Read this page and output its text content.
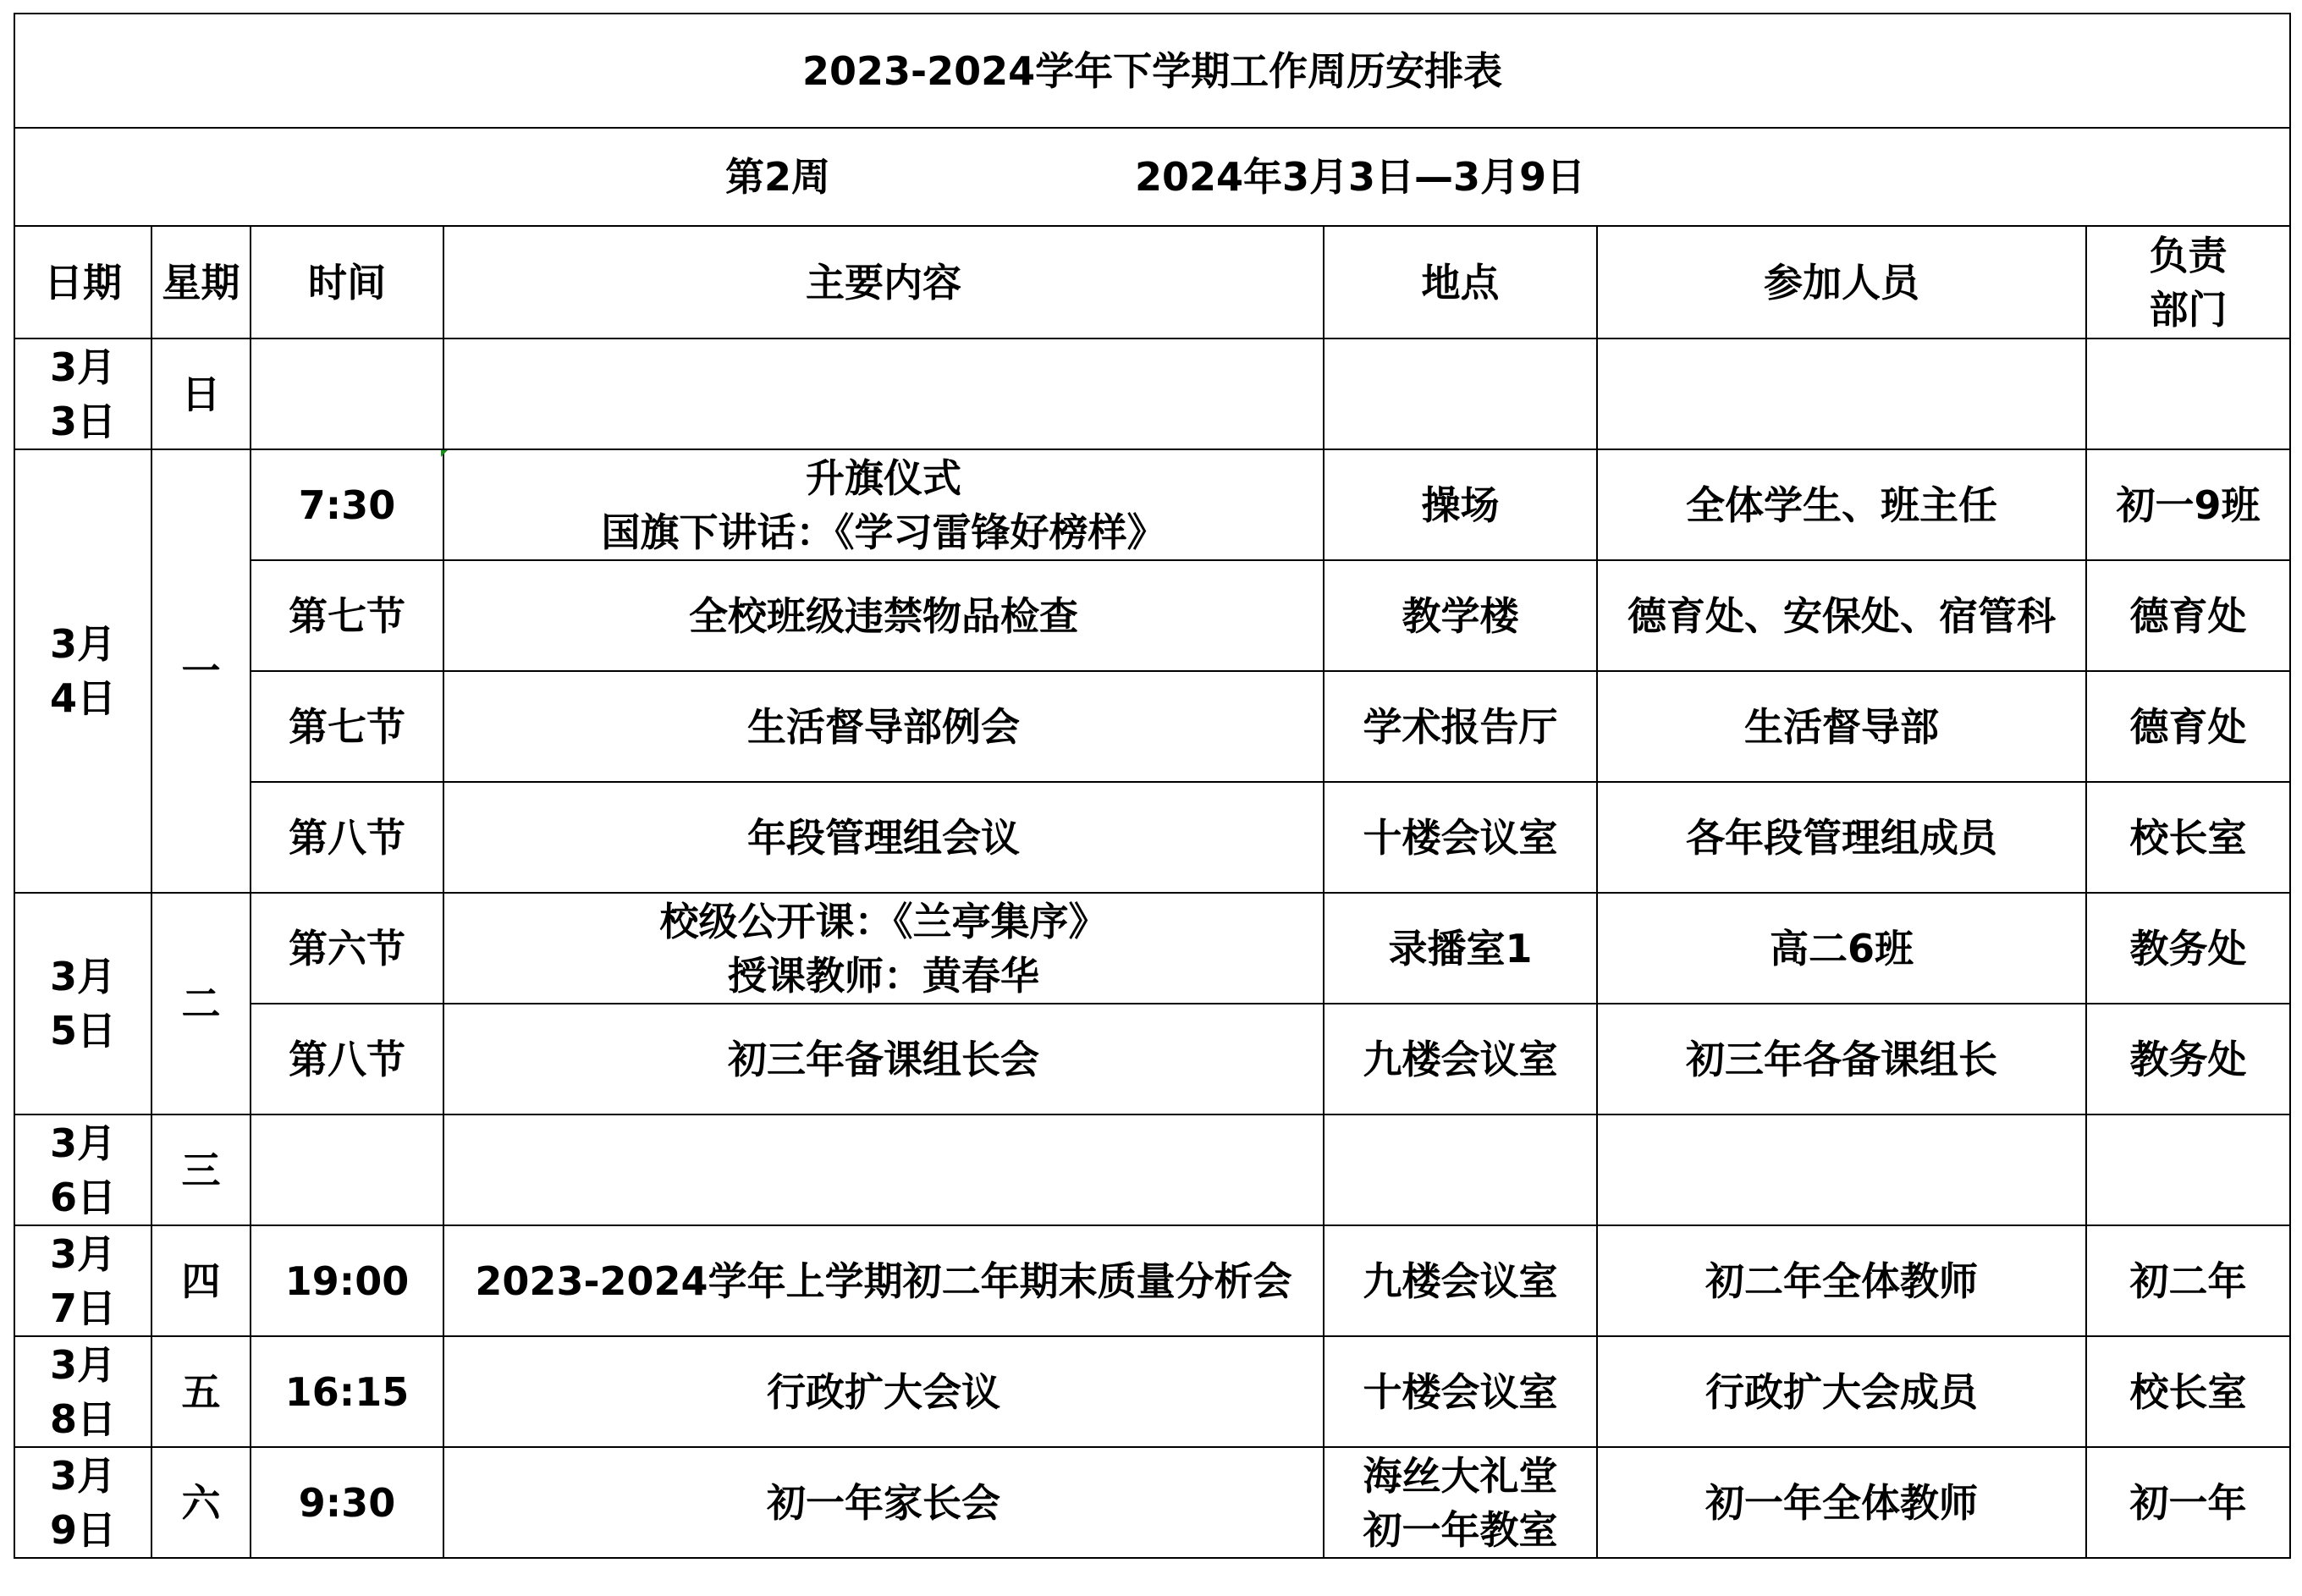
2023-2024学年下学期工作周历安排表						

第2周 2024年3月3日—3月9日						

日期	星期	时间	主要内容	地点	参加人员	负责
部门

3月
3日	日		

3月
4日	一	7:30	升旗仪式
国旗下讲话：《学习雷锋好榜样》	操场	全体学生、班主任	初一9班
		第七节	全校班级违禁物品检查	教学楼	德育处、安保处、宿管科	德育处
		第七节	生活督导部例会	学术报告厅	生活督导部	德育处
		第八节	年段管理组会议	十楼会议室	各年段管理组成员	校长室

3月
5日	二	第六节	校级公开课：《兰亭集序》
授课教师：黄春华	录播室1	高二6班	教务处
		第八节	初三年备课组长会	九楼会议室	初三年各备课组长	教务处

3月
6日	三		

3月
7日	四	19:00	2023-2024学年上学期初二年期末质量分析会	九楼会议室	初二年全体教师	初二年

3月
8日	五	16:15	行政扩大会议	十楼会议室	行政扩大会成员	校长室

3月
9日	六	9:30	初一年家长会	海丝大礼堂
初一年教室	初一年全体教师	初一年
